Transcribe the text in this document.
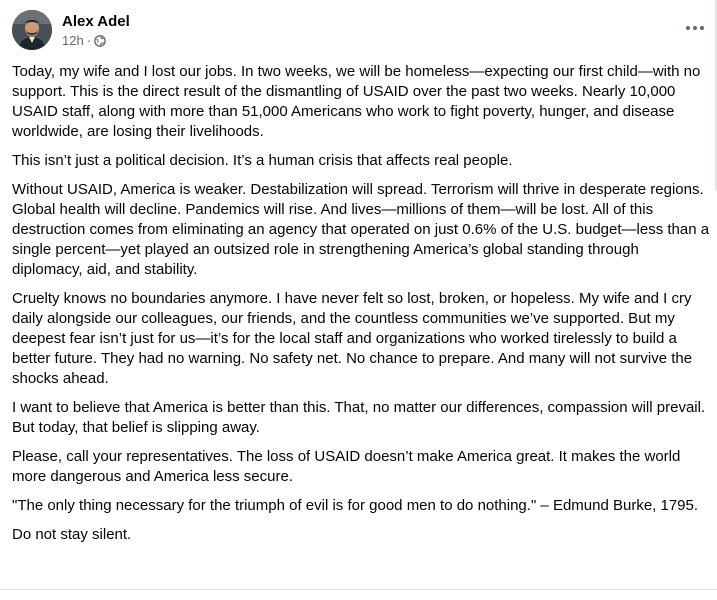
Alex Adel
12h ·

Today, my wife and I lost our jobs. In two weeks, we will be homeless—expecting our first child—with no support. This is the direct result of the dismantling of USAID over the past two weeks. Nearly 10,000 USAID staff, along with more than 51,000 Americans who work to fight poverty, hunger, and disease worldwide, are losing their livelihoods.

This isn’t just a political decision. It’s a human crisis that affects real people.

Without USAID, America is weaker. Destabilization will spread. Terrorism will thrive in desperate regions. Global health will decline. Pandemics will rise. And lives—millions of them—will be lost. All of this destruction comes from eliminating an agency that operated on just 0.6% of the U.S. budget—less than a single percent—yet played an outsized role in strengthening America’s global standing through diplomacy, aid, and stability.

Cruelty knows no boundaries anymore. I have never felt so lost, broken, or hopeless. My wife and I cry daily alongside our colleagues, our friends, and the countless communities we’ve supported. But my deepest fear isn’t just for us—it’s for the local staff and organizations who worked tirelessly to build a better future. They had no warning. No safety net. No chance to prepare. And many will not survive the shocks ahead.

I want to believe that America is better than this. That, no matter our differences, compassion will prevail. But today, that belief is slipping away.

Please, call your representatives. The loss of USAID doesn’t make America great. It makes the world more dangerous and America less secure.

"The only thing necessary for the triumph of evil is for good men to do nothing." – Edmund Burke, 1795.

Do not stay silent.
